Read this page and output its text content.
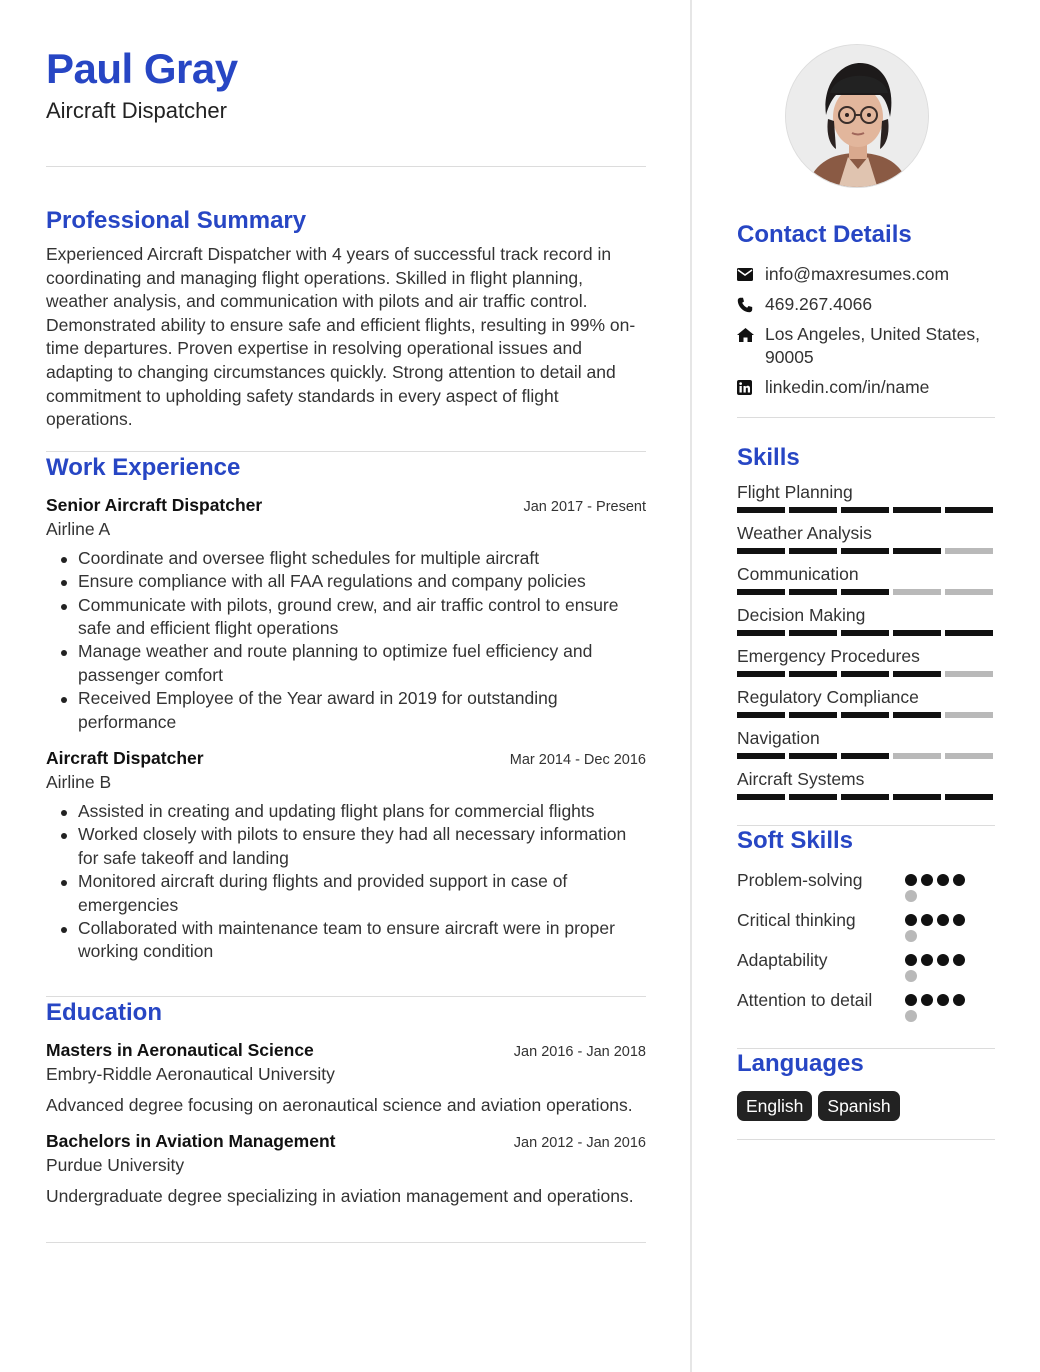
Paul Gray
Aircraft Dispatcher
Professional Summary
Experienced Aircraft Dispatcher with 4 years of successful track record in coordinating and managing flight operations. Skilled in flight planning, weather analysis, and communication with pilots and air traffic control. Demonstrated ability to ensure safe and efficient flights, resulting in 99% on-time departures. Proven expertise in resolving operational issues and adapting to changing circumstances quickly. Strong attention to detail and commitment to upholding safety standards in every aspect of flight operations.
Work Experience
Senior Aircraft Dispatcher	Jan 2017 - Present
Airline A
Coordinate and oversee flight schedules for multiple aircraft
Ensure compliance with all FAA regulations and company policies
Communicate with pilots, ground crew, and air traffic control to ensure safe and efficient flight operations
Manage weather and route planning to optimize fuel efficiency and passenger comfort
Received Employee of the Year award in 2019 for outstanding performance
Aircraft Dispatcher	Mar 2014 - Dec 2016
Airline B
Assisted in creating and updating flight plans for commercial flights
Worked closely with pilots to ensure they had all necessary information for safe takeoff and landing
Monitored aircraft during flights and provided support in case of emergencies
Collaborated with maintenance team to ensure aircraft were in proper working condition
Education
Masters in Aeronautical Science	Jan 2016 - Jan 2018
Embry-Riddle Aeronautical University
Advanced degree focusing on aeronautical science and aviation operations.
Bachelors in Aviation Management	Jan 2012 - Jan 2016
Purdue University
Undergraduate degree specializing in aviation management and operations.
Contact Details
info@maxresumes.com
469.267.4066
Los Angeles, United States, 90005
linkedin.com/in/name
Skills
Flight Planning
Weather Analysis
Communication
Decision Making
Emergency Procedures
Regulatory Compliance
Navigation
Aircraft Systems
Soft Skills
Problem-solving
Critical thinking
Adaptability
Attention to detail
Languages
English	Spanish
